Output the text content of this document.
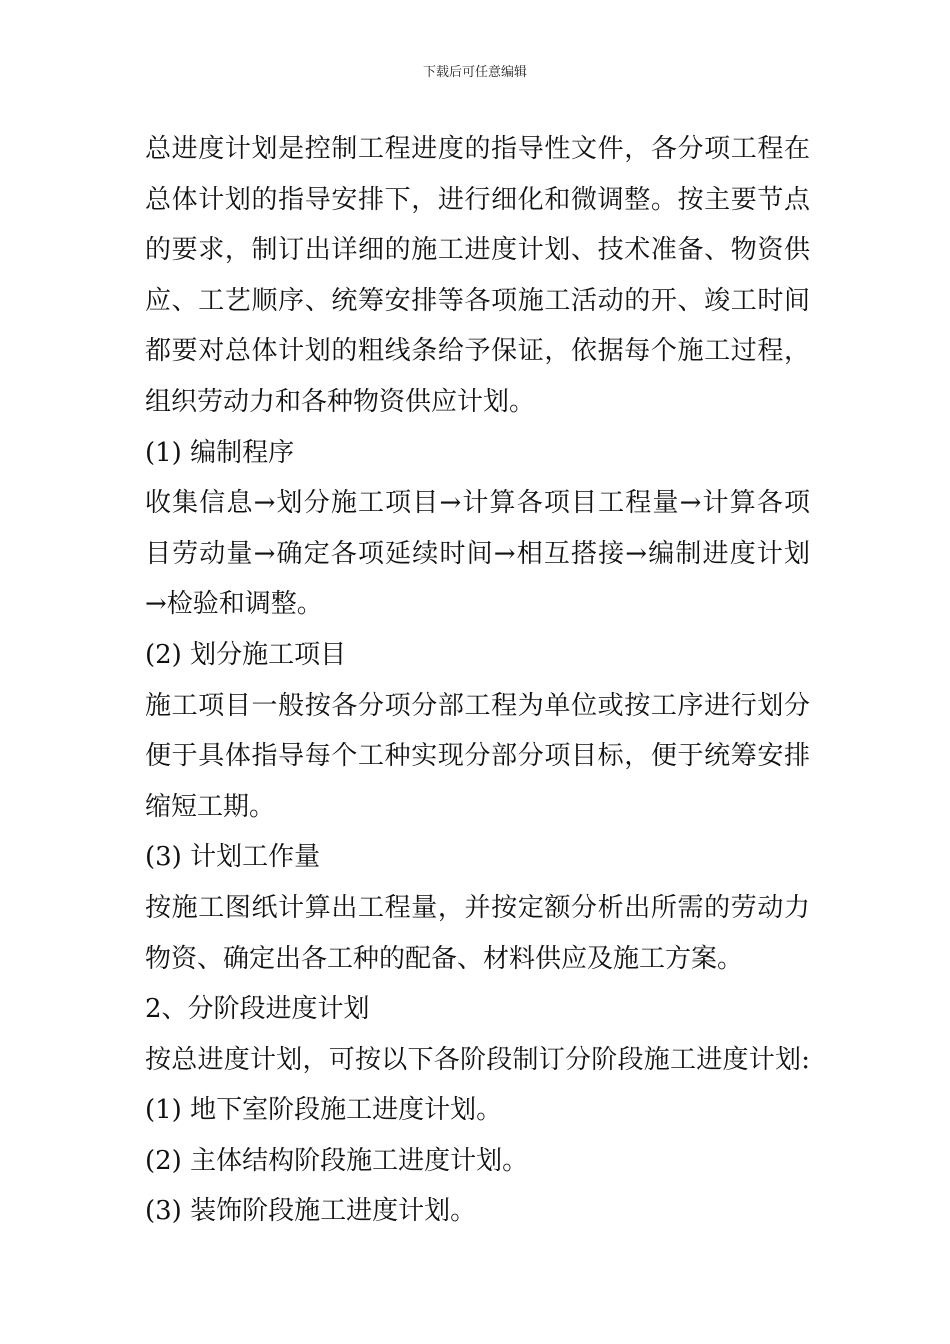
下载后可任意编辑
总进度计划是控制工程进度的指导性文件，各分项工程在
总体计划的指导安排下，进行细化和微调整。按主要节点
的要求，制订出详细的施工进度计划、技术准备、物资供
应、工艺顺序、统筹安排等各项施工活动的开、竣工时间
都要对总体计划的粗线条给予保证，依据每个施工过程，
组织劳动力和各种物资供应计划。
(1) 编制程序
收集信息→划分施工项目→计算各项目工程量→计算各项
目劳动量→确定各项延续时间→相互搭接→编制进度计划
→检验和调整。
(2) 划分施工项目
施工项目一般按各分项分部工程为单位或按工序进行划分
便于具体指导每个工种实现分部分项目标，便于统筹安排
缩短工期。
(3) 计划工作量
按施工图纸计算出工程量，并按定额分析出所需的劳动力
物资、确定出各工种的配备、材料供应及施工方案。
2、分阶段进度计划
按总进度计划，可按以下各阶段制订分阶段施工进度计划:
(1) 地下室阶段施工进度计划。
(2) 主体结构阶段施工进度计划。
(3) 装饰阶段施工进度计划。
